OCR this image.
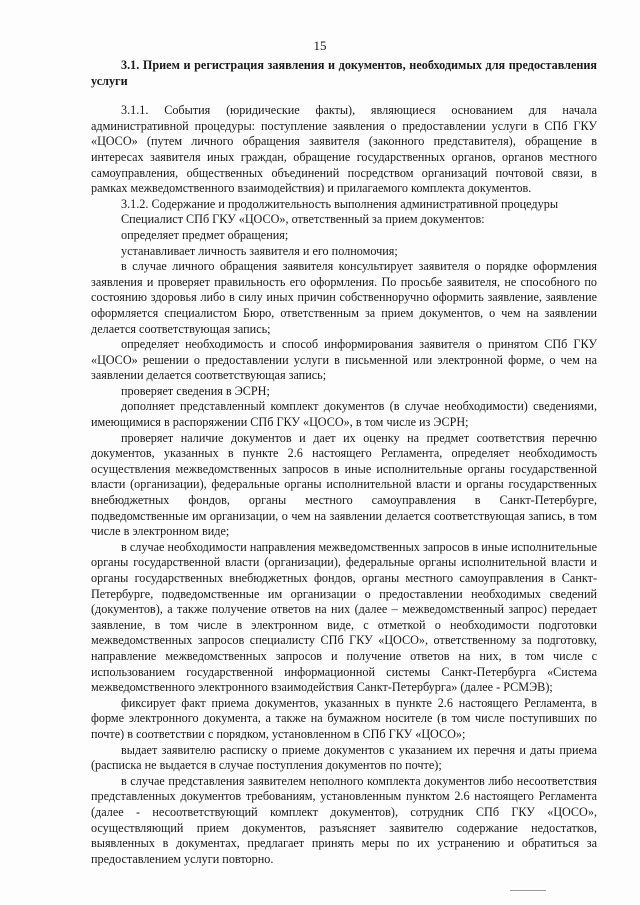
15

3.1. Прием и регистрация заявления и документов, необходимых для предоставления услуги

3.1.1. События (юридические факты), являющиеся основанием для начала административной процедуры: поступление заявления о предоставлении услуги в СПб ГКУ «ЦОСО» (путем личного обращения заявителя (законного представителя), обращение в интересах заявителя иных граждан, обращение государственных органов, органов местного самоуправления, общественных объединений посредством организаций почтовой связи, в рамках межведомственного взаимодействия) и прилагаемого комплекта документов.

3.1.2. Содержание и продолжительность выполнения административной процедуры

Специалист СПб ГКУ «ЦОСО», ответственный за прием документов:

определяет предмет обращения;

устанавливает личность заявителя и его полномочия;

в случае личного обращения заявителя консультирует заявителя о порядке оформления заявления и проверяет правильность его оформления. По просьбе заявителя, не способного по состоянию здоровья либо в силу иных причин собственноручно оформить заявление, заявление оформляется специалистом Бюро, ответственным за прием документов, о чем на заявлении делается соответствующая запись;

определяет необходимость и способ информирования заявителя о принятом СПб ГКУ «ЦОСО» решении о предоставлении услуги в письменной или электронной форме, о чем на заявлении делается соответствующая запись;

проверяет сведения в ЭСРН;

дополняет представленный комплект документов (в случае необходимости) сведениями, имеющимися в распоряжении СПб ГКУ «ЦОСО», в том числе из ЭСРН;

проверяет наличие документов и дает их оценку на предмет соответствия перечню документов, указанных в пункте 2.6 настоящего Регламента, определяет необходимость осуществления межведомственных запросов в иные исполнительные органы государственной власти (организации), федеральные органы исполнительной власти и органы государственных внебюджетных фондов, органы местного самоуправления в Санкт-Петербурге, подведомственные им организации, о чем на заявлении делается соответствующая запись, в том числе в электронном виде;

в случае необходимости направления межведомственных запросов в иные исполнительные органы государственной власти (организации), федеральные органы исполнительной власти и органы государственных внебюджетных фондов, органы местного самоуправления в Санкт-Петербурге, подведомственные им организации о предоставлении необходимых сведений (документов), а также получение ответов на них (далее – межведомственный запрос) передает заявление, в том числе в электронном виде, с отметкой о необходимости подготовки межведомственных запросов специалисту СПб ГКУ «ЦОСО», ответственному за подготовку, направление межведомственных запросов и получение ответов на них, в том числе с использованием государственной информационной системы Санкт-Петербурга «Система межведомственного электронного взаимодействия Санкт-Петербурга» (далее - РСМЭВ);

фиксирует факт приема документов, указанных в пункте 2.6 настоящего Регламента, в форме электронного документа, а также на бумажном носителе (в том числе поступивших по почте) в соответствии с порядком, установленном в СПб ГКУ «ЦОСО»;

выдает заявителю расписку о приеме документов с указанием их перечня и даты приема (расписка не выдается в случае поступления документов по почте);

в случае представления заявителем неполного комплекта документов либо несоответствия представленных документов требованиям, установленным пунктом 2.6 настоящего Регламента (далее - несоответствующий комплект документов), сотрудник СПб ГКУ «ЦОСО», осуществляющий прием документов, разъясняет заявителю содержание недостатков, выявленных в документах, предлагает принять меры по их устранению и обратиться за предоставлением услуги повторно.
